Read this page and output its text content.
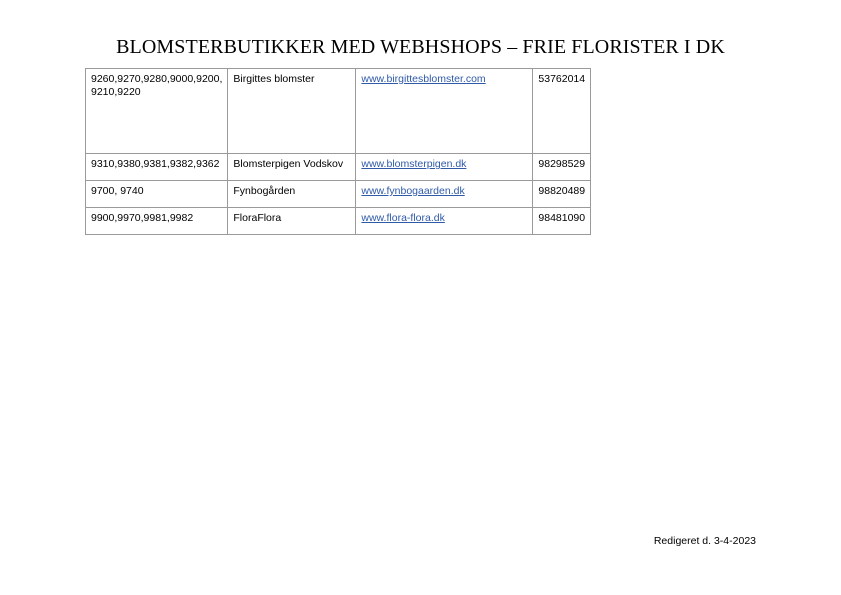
BLOMSTERBUTIKKER MED WEBHSHOPS – FRIE FLORISTER I DK
9260,9270,9280,9000,9200, 9210,9220	Birgittes blomster	www.birgittesblomster.com	53762014
9310,9380,9381,9382,9362	Blomsterpigen Vodskov	www.blomsterpigen.dk	98298529
9700, 9740	Fynbogården	www.fynbogaarden.dk	98820489
9900,9970,9981,9982	FloraFlora	www.flora-flora.dk	98481090
Redigeret d. 3-4-2023
